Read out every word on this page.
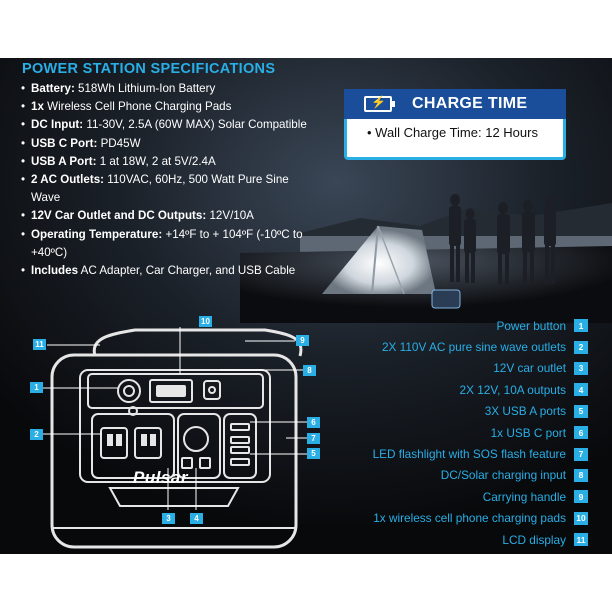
POWER STATION SPECIFICATIONS
• Battery: 518Wh Lithium-Ion Battery
• 1x Wireless Cell Phone Charging Pads
• DC Input: 11-30V, 2.5A (60W MAX) Solar Compatible
• USB C Port: PD45W
• USB A Port: 1 at 18W, 2 at 5V/2.4A
• 2 AC Outlets: 110VAC, 60Hz, 500 Watt Pure Sine Wave
• 12V Car Outlet and DC Outputs: 12V/10A
• Operating Temperature: +14ºF to + 104ºF (-10ºC to +40ºC)
• Includes AC Adapter, Car Charger, and USB Cable
⚡ CHARGE TIME
• Wall Charge Time: 12 Hours
Pulsar
10
11	9
8
1
2
6
7
5
3	4
Power button	1
2X 110V AC pure sine wave outlets	2
12V car outlet	3
2X 12V, 10A outputs	4
3X USB A ports	5
1x USB C port	6
LED flashlight with SOS flash feature	7
DC/Solar charging input	8
Carrying handle	9
1x wireless cell phone charging pads 10
LCD display 11
